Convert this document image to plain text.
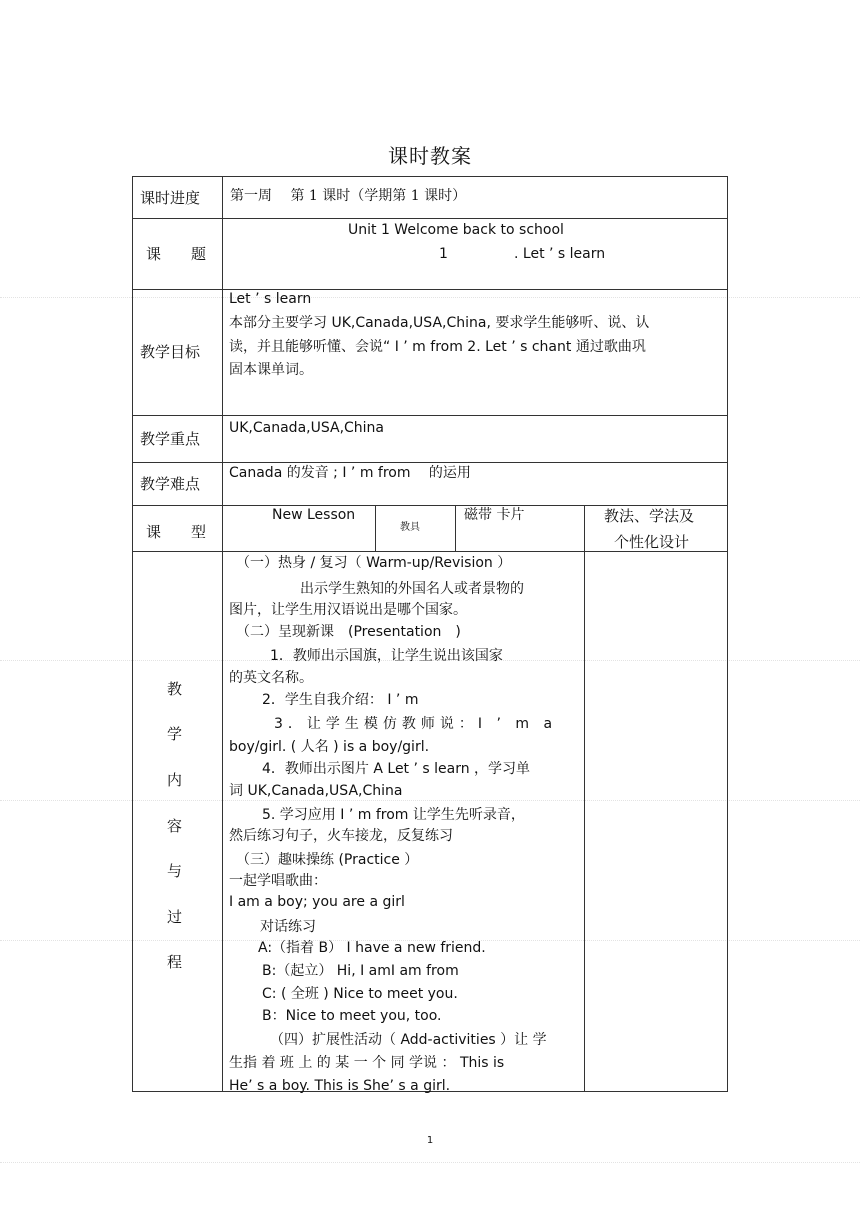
课时教案
课时进度 第一周　 第 1 课时（学期第 1 课时）
课　　题
Unit 1 Welcome back to school
1	. Let ’ s learn
教学目标
Let ’ s learn
本部分主要学习 UK,Canada,USA,China, 要求学生能够听、说、认
读，并且能够听懂、会说“ I ’ m from 2. Let ’ s chant 通过歌曲巩
固本课单词。
教学重点
UK,Canada,USA,China
教学难点
Canada 的发音 ; I ’ m from　 的运用
课　　型
New Lesson
教具
磁带 卡片	教法、学法及
个性化设计
教
学
内
容
与
过
程
（一）热身 / 复习（ Warm-up/Revision ）
出示学生熟知的外国名人或者景物的
图片，让学生用汉语说出是哪个国家。
（二）呈现新课　(Presentation　)
1．教师出示国旗，让学生说出该国家
的英文名称。
2．学生自我介绍： I ’ m
3．让学生模仿教师说：I ’ m a
boy/girl. ( 人名 ) is a boy/girl.
4．教师出示图片 A Let ’ s learn ，学习单
词 UK,Canada,USA,China
5. 学习应用 I ’ m from 让学生先听录音，
然后练习句子，火车接龙，反复练习
（三）趣味操练 (Practice ）
一起学唱歌曲：
I am a boy; you are a girl
对话练习
A:（指着 B） I have a new friend.
B:（起立） Hi, I amI am from
C: ( 全班 ) Nice to meet you.
B：Nice to meet you, too.
（四）扩展性活动（ Add-activities ）让 学
生指 着 班 上 的 某 一 个 同 学说 ： This is
He’ s a boy. This is She’ s a girl.
1
